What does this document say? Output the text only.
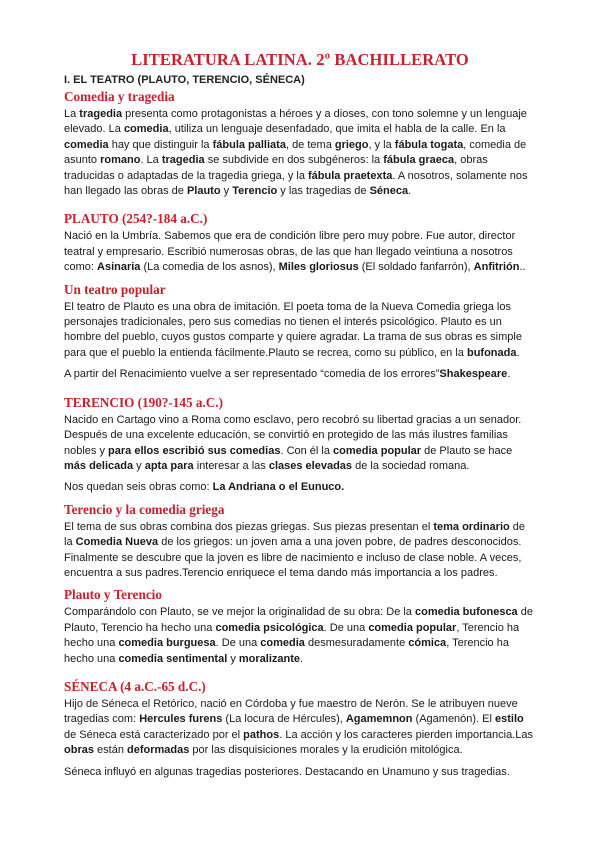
LITERATURA LATINA. 2º BACHILLERATO
I. EL TEATRO (PLAUTO, TERENCIO, SÉNECA)
Comedia y tragedia

La tragedia presenta como protagonistas a héroes y a dioses, con tono solemne y un lenguaje elevado. La comedia, utiliza un lenguaje desenfadado, que imita el habla de la calle. En la comedia hay que distinguir la fábula palliata, de tema griego, y la fábula togata, comedia de asunto romano. La tragedia se subdivide en dos subgéneros: la fábula graeca, obras traducidas o adaptadas de la tragedia griega, y la fábula praetexta. A nosotros, solamente nos han llegado las obras de Plauto y Terencio y las tragedias de Séneca.

PLAUTO (254?-184 a.C.)

Nació en la Umbría. Sabemos que era de condición libre pero muy pobre. Fue autor, director teatral y empresario. Escribió numerosas obras, de las que han llegado veintiuna a nosotros como: Asinaria (La comedia de los asnos), Miles gloriosus (El soldado fanfarrón), Anfitrión..

Un teatro popular

El teatro de Plauto es una obra de imitación. El poeta toma de la Nueva Comedia griega los personajes tradicionales, pero sus comedias no tienen el interés psicológico. Plauto es un hombre del pueblo, cuyos gustos comparte y quiere agradar. La trama de sus obras es simple para que el pueblo la entienda fácilmente.Plauto se recrea, como su público, en la bufonada.

A partir del Renacimiento vuelve a ser representado “comedia de los errores”Shakespeare.

TERENCIO (190?-145 a.C.)

Nacido en Cartago vino a Roma como esclavo, pero recobró su libertad gracias a un senador. Después de una excelente educación, se convirtió en protegido de las más ilustres familias nobles y para ellos escribió sus comedias. Con él la comedia popular de Plauto se hace más delicada y apta para interesar a las clases elevadas de la sociedad romana.

Nos quedan seis obras como: La Andriana o el Eunuco.

Terencio y la comedia griega

El tema de sus obras combina dos piezas griegas. Sus piezas presentan el tema ordinario de la Comedia Nueva de los griegos: un joven ama a una joven pobre, de padres desconocidos. Finalmente se descubre que la joven es libre de nacimiento e incluso de clase noble. A veces, encuentra a sus padres.Terencio enriquece el tema dando más importancia a los padres.

Plauto y Terencio

Comparándolo con Plauto, se ve mejor la originalidad de su obra: De la comedia bufonesca de Plauto, Terencio ha hecho una comedia psicológica. De una comedia popular, Terencio ha hecho una comedia burguesa. De una comedia desmesuradamente cómica, Terencio ha hecho una comedia sentimental y moralizante.

SÉNECA (4 a.C.-65 d.C.)

Hijo de Séneca el Retórico, nació en Córdoba y fue maestro de Nerón. Se le atribuyen nueve tragedias com: Hercules furens (La locura de Hércules), Agamemnon (Agamenón). El estilo de Séneca está caracterizado por el pathos. La acción y los caracteres pierden importancia.Las obras están deformadas por las disquisiciones morales y la erudición mitológica.

Séneca influyó en algunas tragedias posteriores. Destacando en Unamuno y sus tragedias.
